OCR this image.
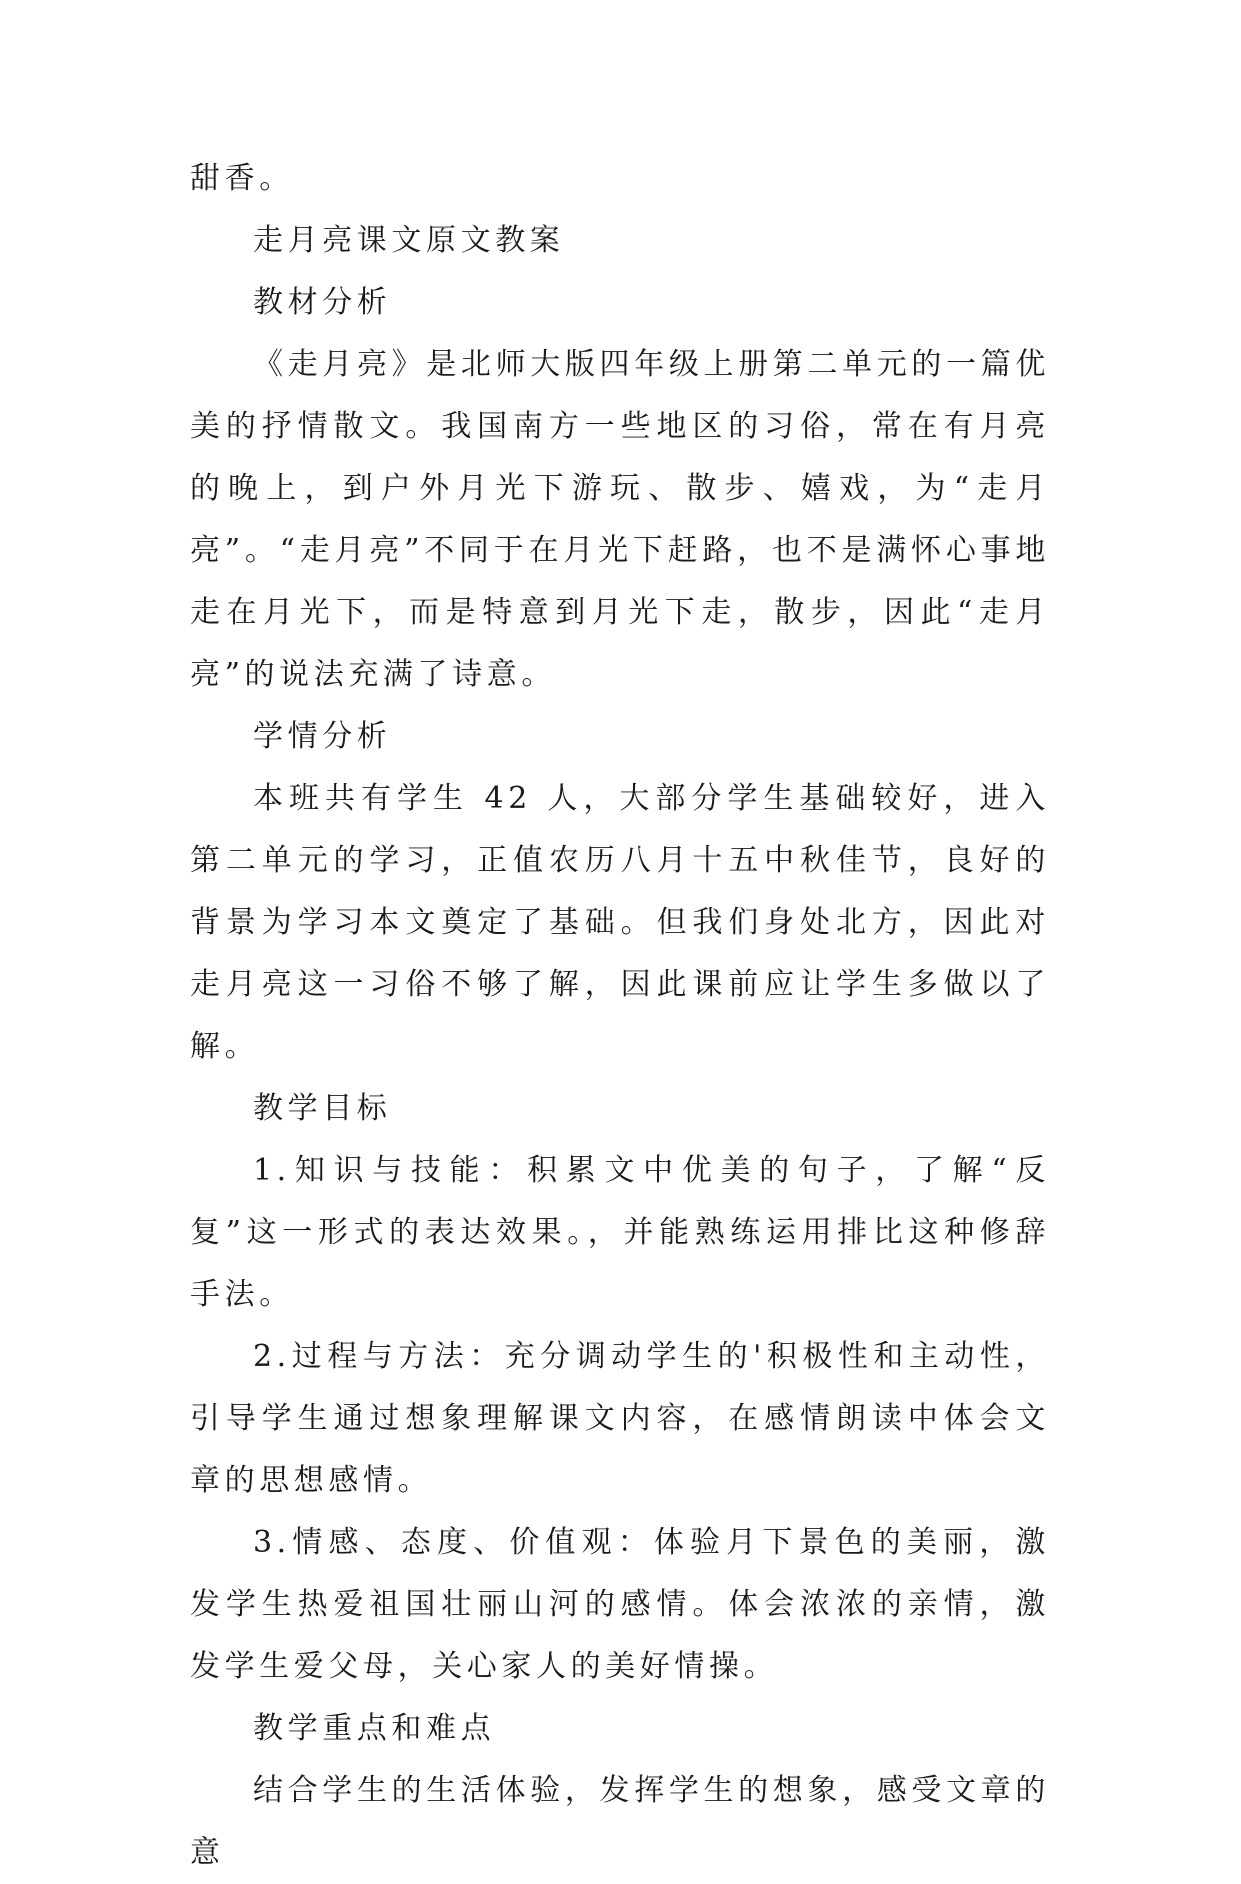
甜香。

走月亮课文原文教案

教材分析

《走月亮》是北师大版四年级上册第二单元的一篇优美的抒情散文。我国南方一些地区的习俗，常在有月亮的晚上，到户外月光下游玩、散步、嬉戏，为“走月亮”。“走月亮”不同于在月光下赶路，也不是满怀心事地走在月光下，而是特意到月光下走，散步，因此“走月亮”的说法充满了诗意。

学情分析

本班共有学生 42 人，大部分学生基础较好，进入第二单元的学习，正值农历八月十五中秋佳节，良好的背景为学习本文奠定了基础。但我们身处北方，因此对走月亮这一习俗不够了解，因此课前应让学生多做以了解。

教学目标

1.知识与技能：积累文中优美的句子，了解“反复”这一形式的表达效果。，并能熟练运用排比这种修辞手法。

2.过程与方法：充分调动学生的'积极性和主动性，引导学生通过想象理解课文内容，在感情朗读中体会文章的思想感情。

3.情感、态度、价值观：体验月下景色的美丽，激发学生热爱祖国壮丽山河的感情。体会浓浓的亲情，激发学生爱父母，关心家人的美好情操。

教学重点和难点

结合学生的生活体验，发挥学生的想象，感受文章的意
